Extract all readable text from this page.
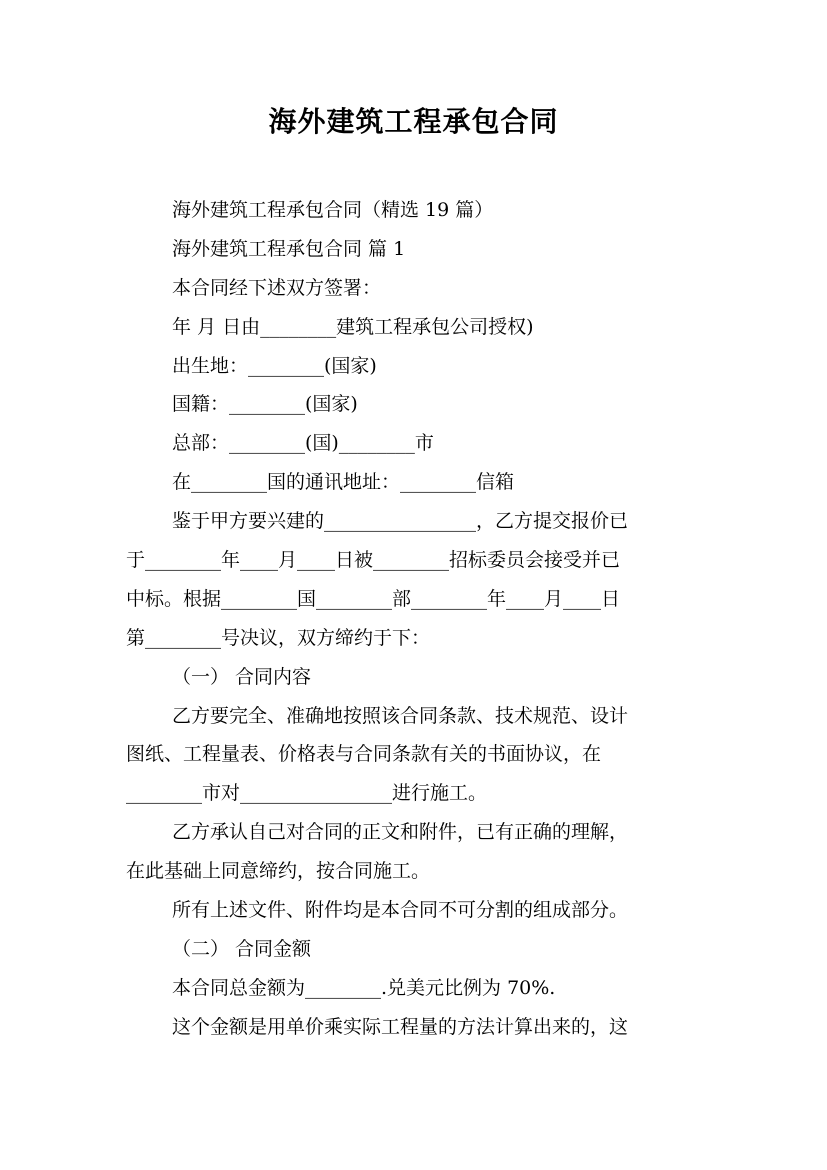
海外建筑工程承包合同

海外建筑工程承包合同（精选 19 篇）

海外建筑工程承包合同 篇 1

本合同经下述双方签署：

年 月 日由________建筑工程承包公司授权)

出生地：________(国家)

国籍：________(国家)

总部：________(国)________市

在________国的通讯地址：________信箱

鉴于甲方要兴建的________________，乙方提交报价已

于________年____月____日被________招标委员会接受并已

中标。根据________国________部________年____月____日

第________号决议，双方缔约于下：

（一） 合同内容

乙方要完全、准确地按照该合同条款、技术规范、设计

图纸、工程量表、价格表与合同条款有关的书面协议，在

________市对________________进行施工。

乙方承认自己对合同的正文和附件，已有正确的理解，

在此基础上同意缔约，按合同施工。

所有上述文件、附件均是本合同不可分割的组成部分。

（二） 合同金额

本合同总金额为________.兑美元比例为 70%.

这个金额是用单价乘实际工程量的方法计算出来的，这
